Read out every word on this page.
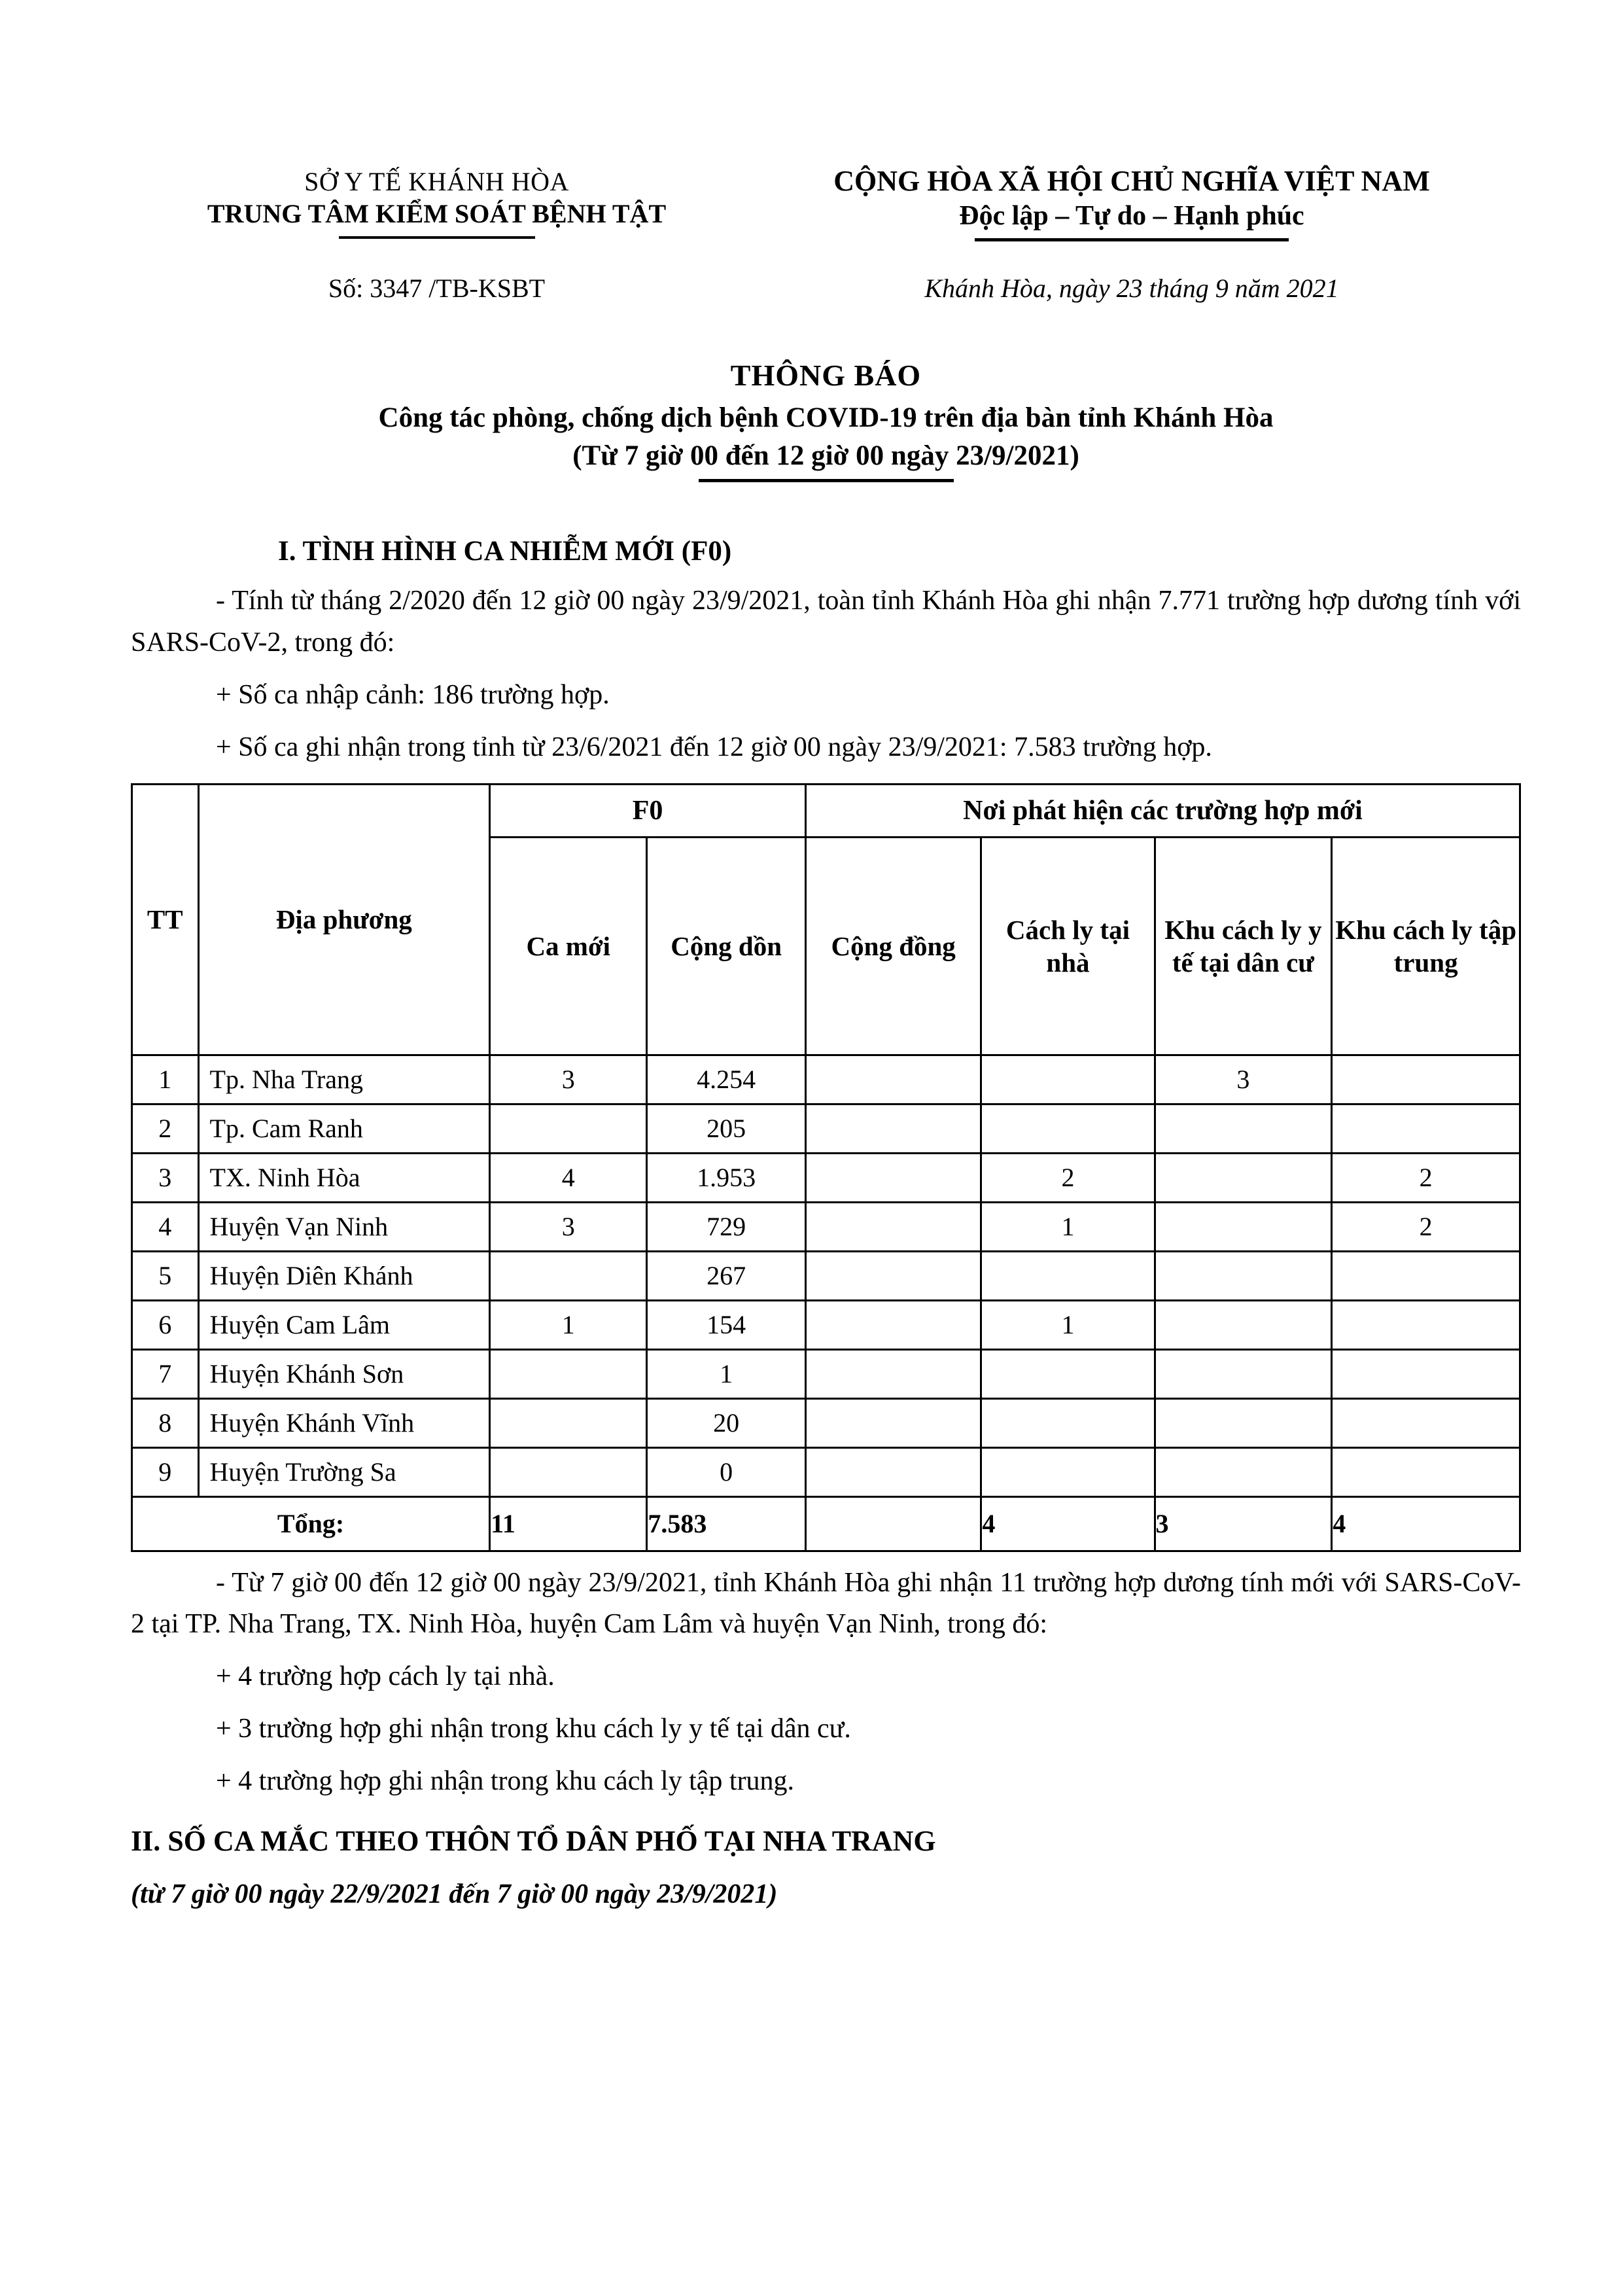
SỞ Y TẾ KHÁNH HÒA
TRUNG TÂM KIỂM SOÁT BỆNH TẬT
CỘNG HÒA XÃ HỘI CHỦ NGHĨA VIỆT NAM
Độc lập – Tự do – Hạnh phúc
Số: 3347 /TB-KSBT	Khánh Hòa, ngày 23 tháng 9 năm 2021
THÔNG BÁO
Công tác phòng, chống dịch bệnh COVID-19 trên địa bàn tỉnh Khánh Hòa
(Từ 7 giờ 00 đến 12 giờ 00 ngày 23/9/2021)
I. TÌNH HÌNH CA NHIỄM MỚI (F0)
- Tính từ tháng 2/2020 đến 12 giờ 00 ngày 23/9/2021, toàn tỉnh Khánh Hòa ghi nhận 7.771 trường hợp dương tính với SARS-CoV-2, trong đó:
+ Số ca nhập cảnh: 186 trường hợp.
+ Số ca ghi nhận trong tỉnh từ 23/6/2021 đến 12 giờ 00 ngày 23/9/2021: 7.583 trường hợp.
TT	Địa phương	F0		Nơi phát hiện các trường hợp mới			
		Ca mới	Cộng dồn	Cộng đồng	Cách ly tại nhà	Khu cách ly y tế tại dân cư	Khu cách ly tập trung
1	Tp. Nha Trang	3	4.254			3	
2	Tp. Cam Ranh		205				
3	TX. Ninh Hòa	4	1.953		2		2
4	Huyện Vạn Ninh	3	729		1		2
5	Huyện Diên Khánh		267				
6	Huyện Cam Lâm	1	154		1		
7	Huyện Khánh Sơn		1				
8	Huyện Khánh Vĩnh		20				
9	Huyện Trường Sa		0				
Tổng:		11	7.583		4	3	4
- Từ 7 giờ 00 đến 12 giờ 00 ngày 23/9/2021, tỉnh Khánh Hòa ghi nhận 11 trường hợp dương tính mới với SARS-CoV-2 tại TP. Nha Trang, TX. Ninh Hòa, huyện Cam Lâm và huyện Vạn Ninh, trong đó:
+ 4 trường hợp cách ly tại nhà.
+ 3 trường hợp ghi nhận trong khu cách ly y tế tại dân cư.
+ 4 trường hợp ghi nhận trong khu cách ly tập trung.
II. SỐ CA MẮC THEO THÔN TỔ DÂN PHỐ TẠI NHA TRANG
(từ 7 giờ 00 ngày 22/9/2021 đến 7 giờ 00 ngày 23/9/2021)
